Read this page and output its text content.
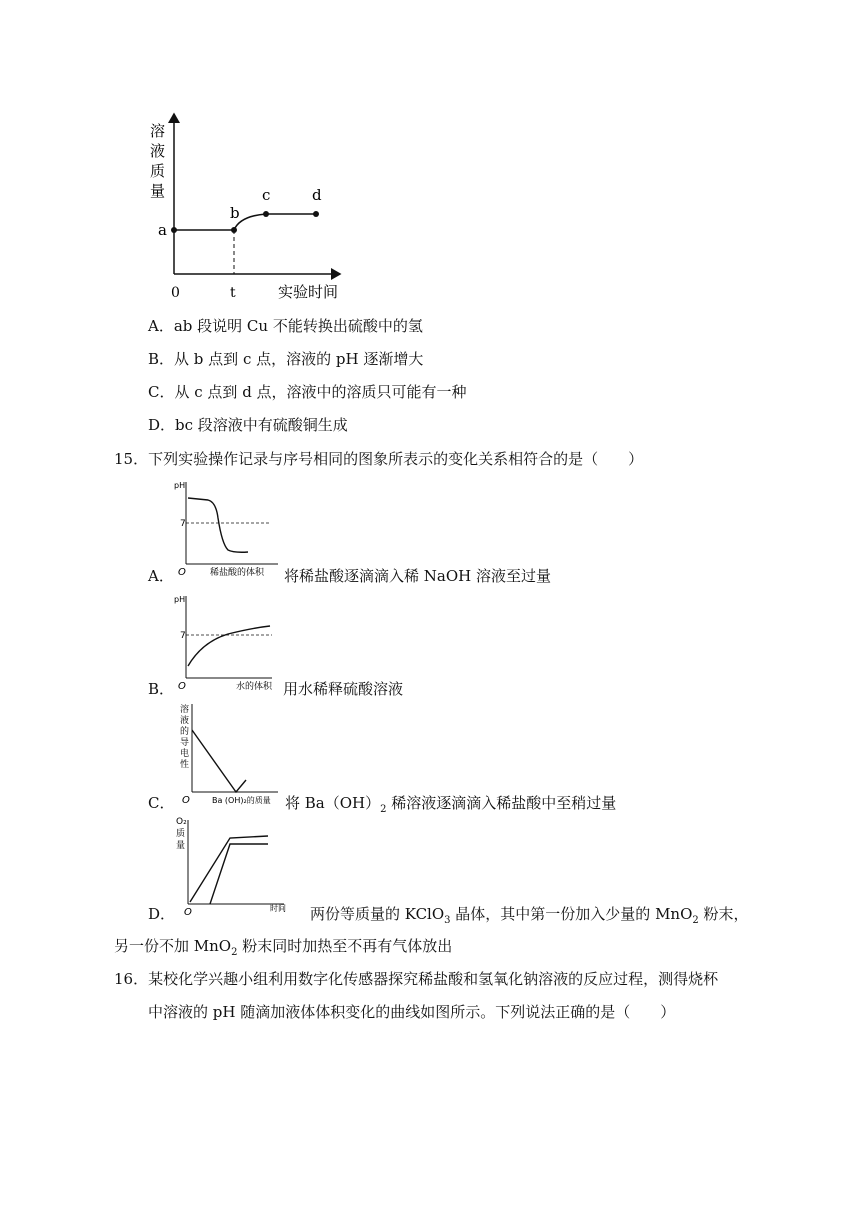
溶
液
质
量
a
b
c	d
0	t	实验时间
A．ab 段说明 Cu 不能转换出硫酸中的氢
B．从 b 点到 c 点，溶液的 pH 逐渐增大
C．从 c 点到 d 点，溶液中的溶质只可能有一种
D．bc 段溶液中有硫酸铜生成
15．下列实验操作记录与序号相同的图象所表示的变化关系相符合的是（　　）
pH
7
O	稀盐酸的体积
A．	将稀盐酸逐滴滴入稀 NaOH 溶液至过量
pH
7
O	水的体积
B．	用水稀释硫酸溶液
溶
液
的
导
电
性
O	Ba (OH)₂的质量
C．	将 $Ba(OH)_2$ 稀溶液逐滴滴入稀盐酸中至稍过量
O₂
质
量
O	时间
D．	两份等质量的 KClO$_3$ 晶体，其中第一份加入少量的 MnO$_2$ 粉末，
另一份不加 MnO$_2$ 粉末同时加热至不再有气体放出
16．某校化学兴趣小组利用数字化传感器探究稀盐酸和氢氧化钠溶液的反应过程，测得烧杯
中溶液的 pH 随滴加液体体积变化的曲线如图所示。下列说法正确的是（　　）
